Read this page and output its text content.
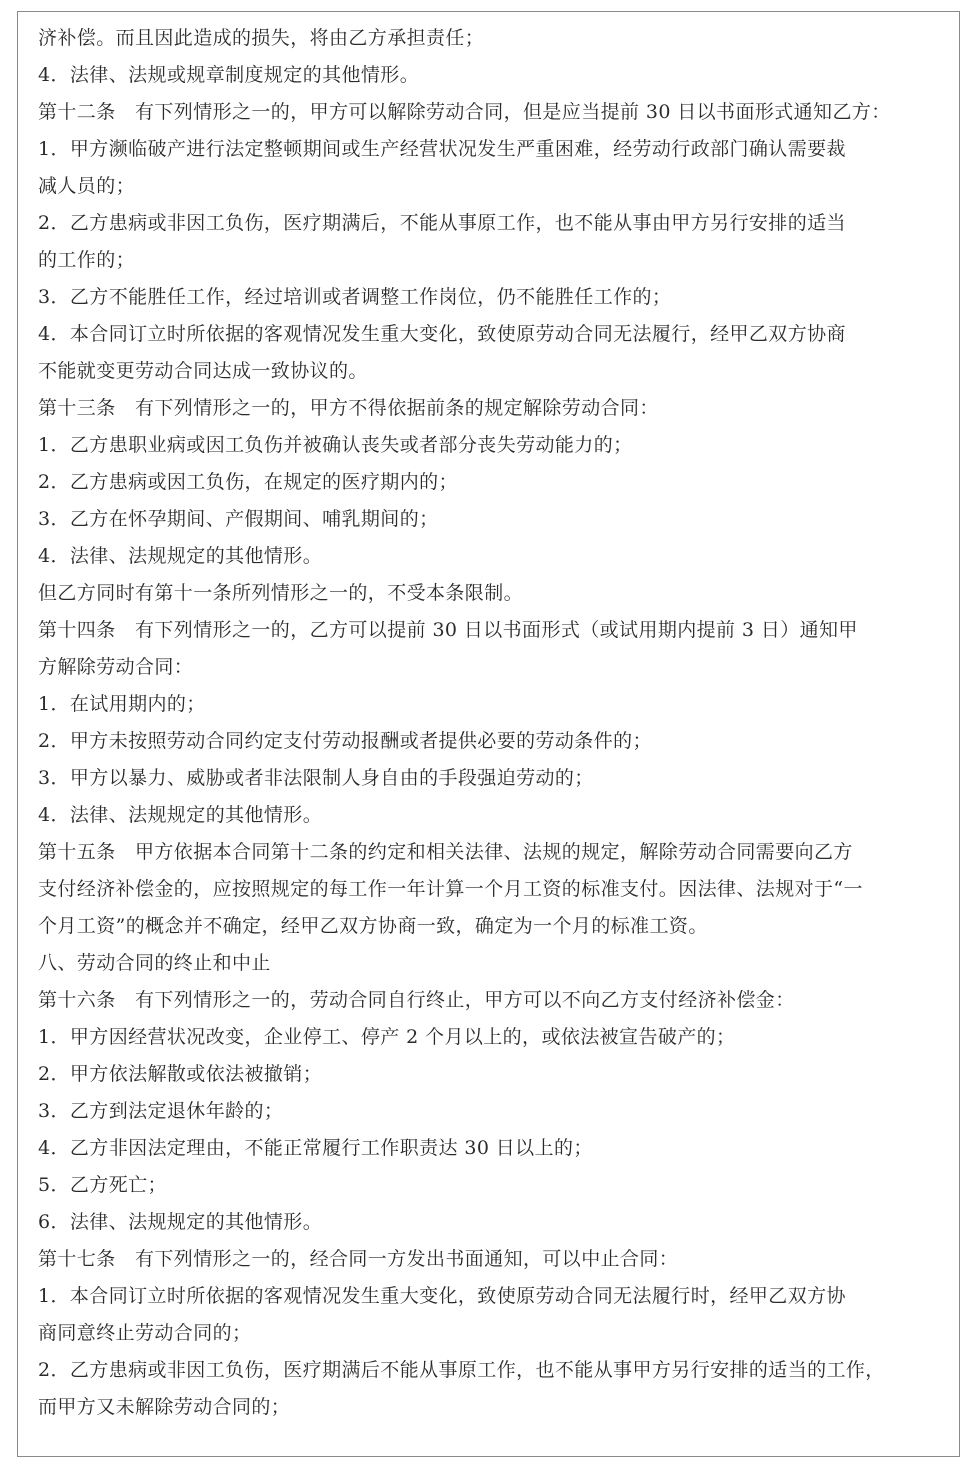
济补偿。而且因此造成的损失，将由乙方承担责任；
4．法律、法规或规章制度规定的其他情形。
第十二条　有下列情形之一的，甲方可以解除劳动合同，但是应当提前 30 日以书面形式通知乙方：
1．甲方濒临破产进行法定整顿期间或生产经营状况发生严重困难，经劳动行政部门确认需要裁
减人员的；
2．乙方患病或非因工负伤，医疗期满后，不能从事原工作，也不能从事由甲方另行安排的适当
的工作的；
3．乙方不能胜任工作，经过培训或者调整工作岗位，仍不能胜任工作的；
4．本合同订立时所依据的客观情况发生重大变化，致使原劳动合同无法履行，经甲乙双方协商
不能就变更劳动合同达成一致协议的。
第十三条　有下列情形之一的，甲方不得依据前条的规定解除劳动合同：
1．乙方患职业病或因工负伤并被确认丧失或者部分丧失劳动能力的；
2．乙方患病或因工负伤，在规定的医疗期内的；
3．乙方在怀孕期间、产假期间、哺乳期间的；
4．法律、法规规定的其他情形。
但乙方同时有第十一条所列情形之一的，不受本条限制。
第十四条　有下列情形之一的，乙方可以提前 30 日以书面形式（或试用期内提前 3 日）通知甲
方解除劳动合同：
1．在试用期内的；
2．甲方未按照劳动合同约定支付劳动报酬或者提供必要的劳动条件的；
3．甲方以暴力、威胁或者非法限制人身自由的手段强迫劳动的；
4．法律、法规规定的其他情形。
第十五条　甲方依据本合同第十二条的约定和相关法律、法规的规定，解除劳动合同需要向乙方
支付经济补偿金的，应按照规定的每工作一年计算一个月工资的标准支付。因法律、法规对于“一
个月工资”的概念并不确定，经甲乙双方协商一致，确定为一个月的标准工资。
八、劳动合同的终止和中止
第十六条　有下列情形之一的，劳动合同自行终止，甲方可以不向乙方支付经济补偿金：
1．甲方因经营状况改变，企业停工、停产 2 个月以上的，或依法被宣告破产的；
2．甲方依法解散或依法被撤销；
3．乙方到法定退休年龄的；
4．乙方非因法定理由，不能正常履行工作职责达 30 日以上的；
5．乙方死亡；
6．法律、法规规定的其他情形。
第十七条　有下列情形之一的，经合同一方发出书面通知，可以中止合同：
1．本合同订立时所依据的客观情况发生重大变化，致使原劳动合同无法履行时，经甲乙双方协
商同意终止劳动合同的；
2．乙方患病或非因工负伤，医疗期满后不能从事原工作，也不能从事甲方另行安排的适当的工作，
而甲方又未解除劳动合同的；
